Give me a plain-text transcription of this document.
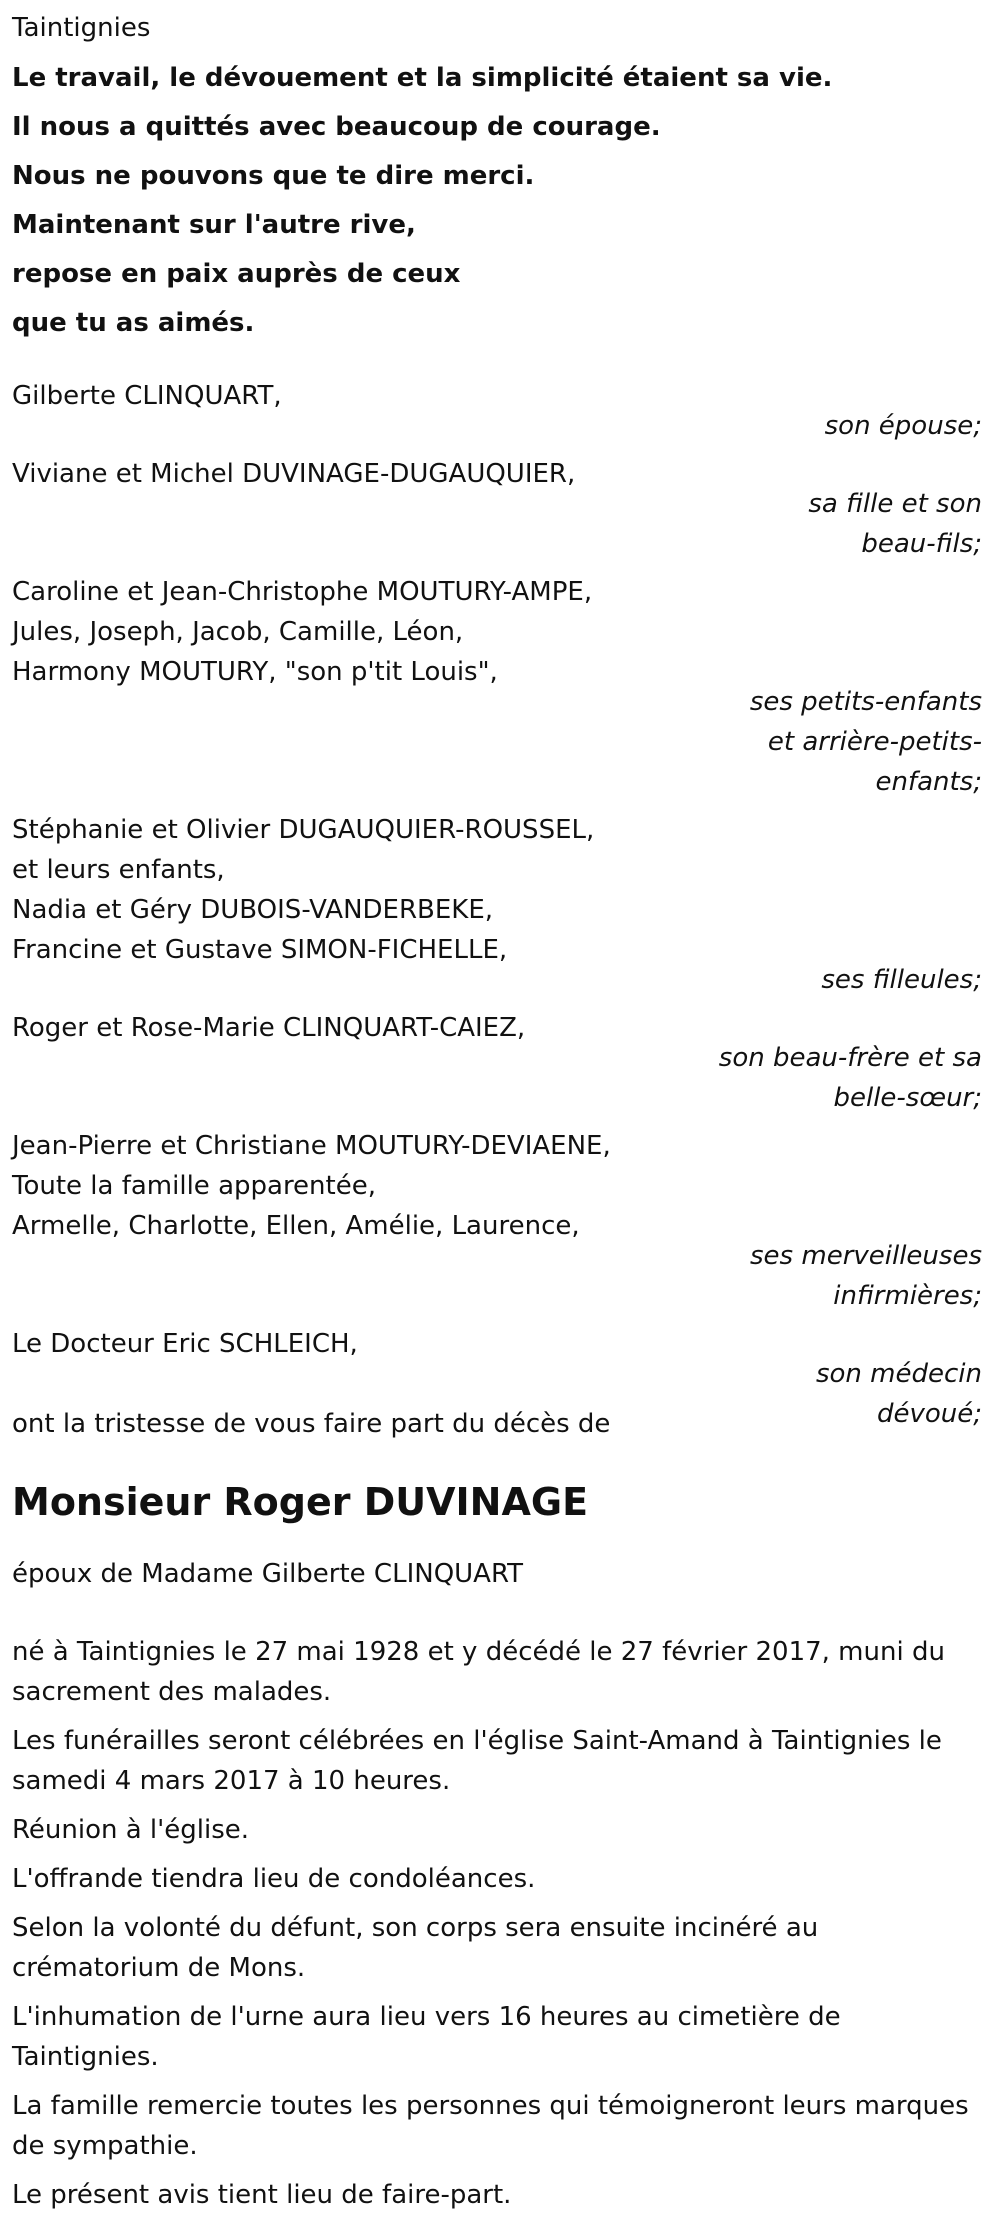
Taintignies
Le travail, le dévouement et la simplicité étaient sa vie.
Il nous a quittés avec beaucoup de courage.
Nous ne pouvons que te dire merci.
Maintenant sur l'autre rive,
repose en paix auprès de ceux
que tu as aimés.
Gilberte CLINQUART,
son épouse;
Viviane et Michel DUVINAGE-DUGAUQUIER,
sa fille et son
beau-fils;
Caroline et Jean-Christophe MOUTURY-AMPE,
Jules, Joseph, Jacob, Camille, Léon,
Harmony MOUTURY, "son p'tit Louis",
ses petits-enfants
et arrière-petits-
enfants;
Stéphanie et Olivier DUGAUQUIER-ROUSSEL,
et leurs enfants,
Nadia et Géry DUBOIS-VANDERBEKE,
Francine et Gustave SIMON-FICHELLE,
ses filleules;
Roger et Rose-Marie CLINQUART-CAIEZ,
son beau-frère et sa
belle-sœur;
Jean-Pierre et Christiane MOUTURY-DEVIAENE,
Toute la famille apparentée,
Armelle, Charlotte, Ellen, Amélie, Laurence,
ses merveilleuses
infirmières;
Le Docteur Eric SCHLEICH,
son médecin
dévoué;
ont la tristesse de vous faire part du décès de
Monsieur Roger DUVINAGE
époux de Madame Gilberte CLINQUART

né à Taintignies le 27 mai 1928 et y décédé le 27 février 2017, muni du sacrement des malades.

Les funérailles seront célébrées en l'église Saint-Amand à Taintignies le samedi 4 mars 2017 à 10 heures.

Réunion à l'église.

L'offrande tiendra lieu de condoléances.

Selon la volonté du défunt, son corps sera ensuite incinéré au crématorium de Mons.

L'inhumation de l'urne aura lieu vers 16 heures au cimetière de Taintignies.

La famille remercie toutes les personnes qui témoigneront leurs marques de sympathie.

Le présent avis tient lieu de faire-part.
